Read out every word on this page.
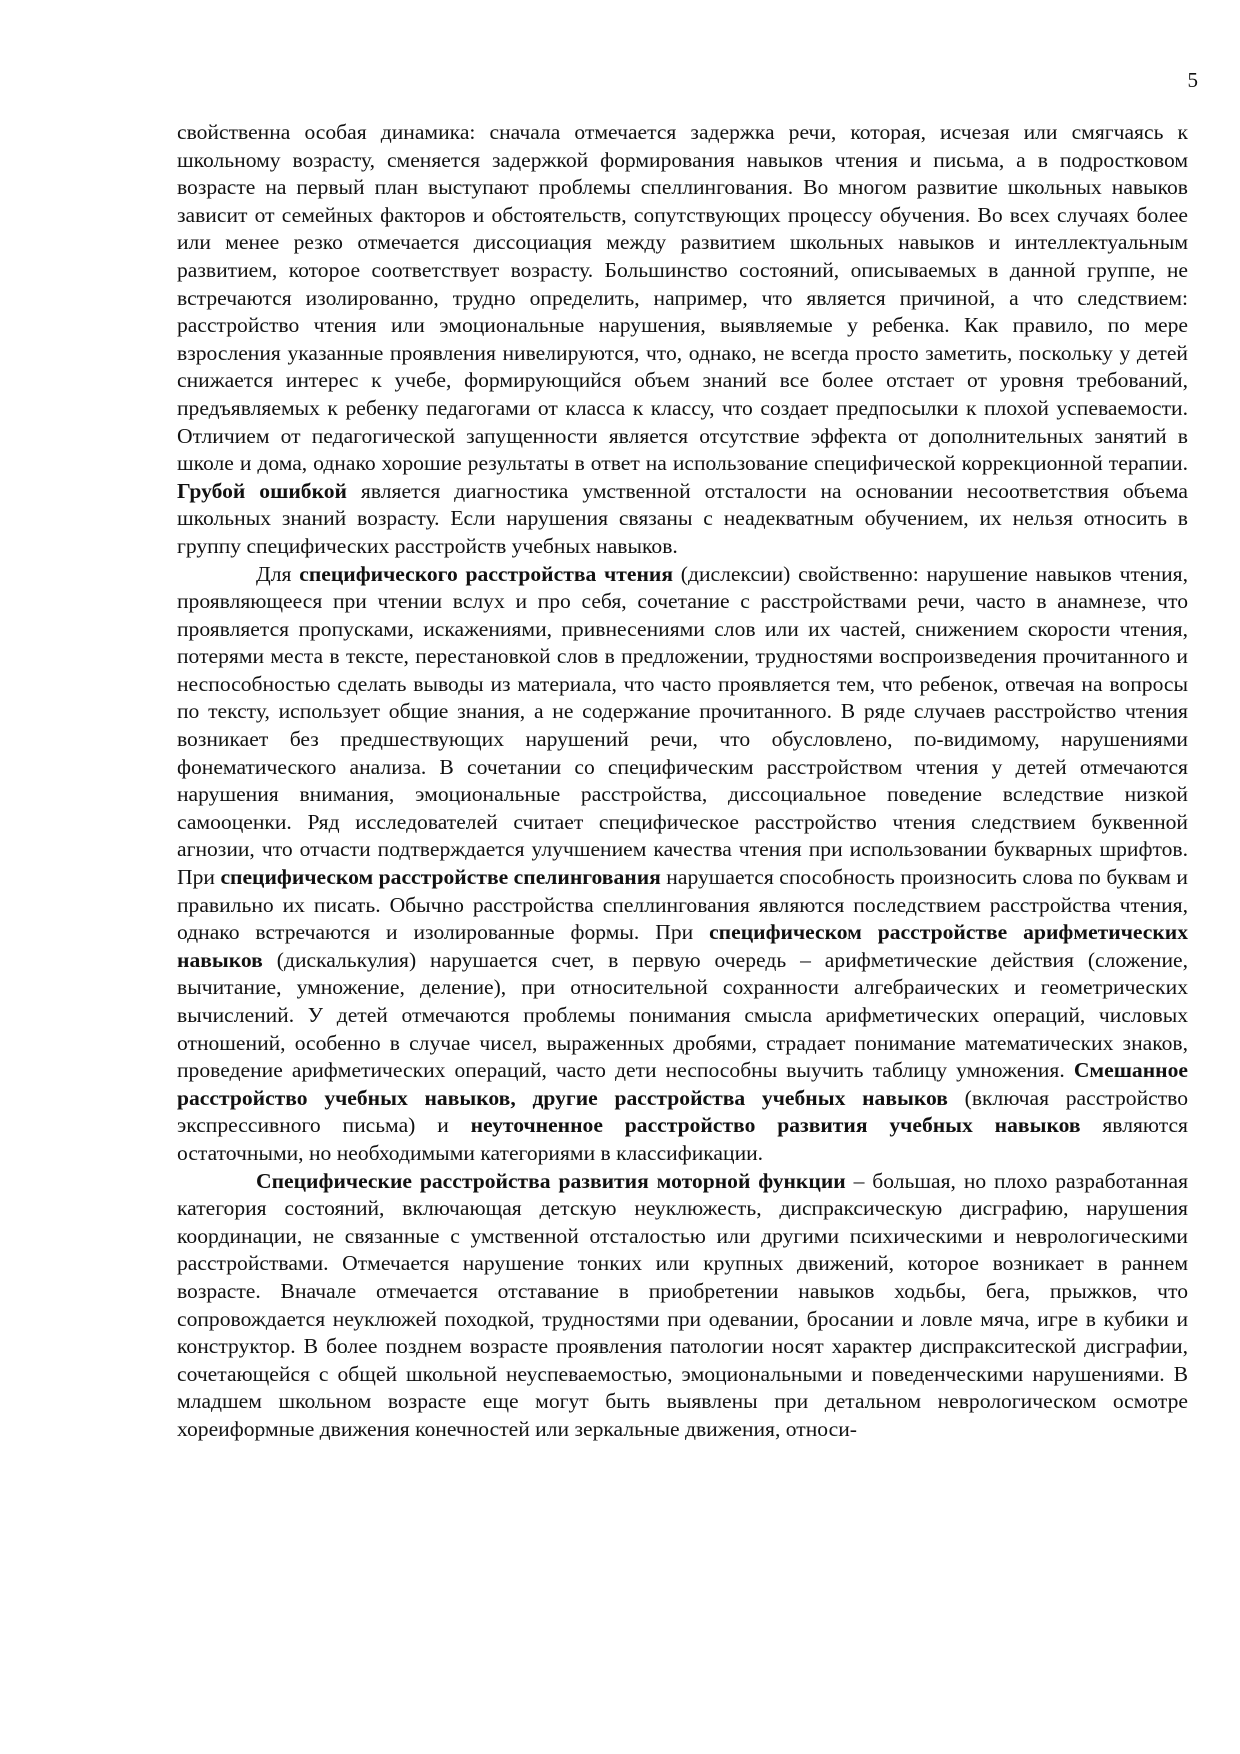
5

свойственна особая динамика: сначала отмечается задержка речи, которая, исчезая или смягчаясь к школьному возрасту, сменяется задержкой формирования навыков чтения и письма, а в подростковом возрасте на первый план выступают проблемы спеллингования. Во многом развитие школьных навыков зависит от семейных факторов и обстоятельств, сопутствующих процессу обучения. Во всех случаях более или менее резко отмечается диссоциация между развитием школьных навыков и интеллектуальным развитием, которое соответствует возрасту. Большинство состояний, описываемых в данной группе, не встречаются изолированно, трудно определить, например, что является причиной, а что следствием: расстройство чтения или эмоциональные нарушения, выявляемые у ребенка. Как правило, по мере взросления указанные проявления нивелируются, что, однако, не всегда просто заметить, поскольку у детей снижается интерес к учебе, формирующийся объем знаний все более отстает от уровня требований, предъявляемых к ребенку педагогами от класса к классу, что создает предпосылки к плохой успеваемости. Отличием от педагогической запущенности является отсутствие эффекта от дополнительных занятий в школе и дома, однако хорошие результаты в ответ на использование специфической коррекционной терапии. Грубой ошибкой является диагностика умственной отсталости на основании несоответствия объема школьных знаний возрасту. Если нарушения связаны с неадекватным обучением, их нельзя относить в группу специфических расстройств учебных навыков.

Для специфического расстройства чтения (дислексии) свойственно: нарушение навыков чтения, проявляющееся при чтении вслух и про себя, сочетание с расстройствами речи, часто в анамнезе, что проявляется пропусками, искажениями, привнесениями слов или их частей, снижением скорости чтения, потерями места в тексте, перестановкой слов в предложении, трудностями воспроизведения прочитанного и неспособностью сделать выводы из материала, что часто проявляется тем, что ребенок, отвечая на вопросы по тексту, использует общие знания, а не содержание прочитанного. В ряде случаев расстройство чтения возникает без предшествующих нарушений речи, что обусловлено, по-видимому, нарушениями фонематического анализа. В сочетании со специфическим расстройством чтения у детей отмечаются нарушения внимания, эмоциональные расстройства, диссоциальное поведение вследствие низкой самооценки. Ряд исследователей считает специфическое расстройство чтения следствием буквенной агнозии, что отчасти подтверждается улучшением качества чтения при использовании букварных шрифтов. При специфическом расстройстве спелингования нарушается способность произносить слова по буквам и правильно их писать. Обычно расстройства спеллингования являются последствием расстройства чтения, однако встречаются и изолированные формы. При специфическом расстройстве арифметических навыков (дискалькулия) нарушается счет, в первую очередь – арифметические действия (сложение, вычитание, умножение, деление), при относительной сохранности алгебраических и геометрических вычислений. У детей отмечаются проблемы понимания смысла арифметических операций, числовых отношений, особенно в случае чисел, выраженных дробями, страдает понимание математических знаков, проведение арифметических операций, часто дети неспособны выучить таблицу умножения. Смешанное расстройство учебных навыков, другие расстройства учебных навыков (включая расстройство экспрессивного письма) и неуточненное расстройство развития учебных навыков являются остаточными, но необходимыми категориями в классификации.

Специфические расстройства развития моторной функции – большая, но плохо разработанная категория состояний, включающая детскую неуклюжесть, диспраксическую дисграфию, нарушения координации, не связанные с умственной отсталостью или другими психическими и неврологическими расстройствами. Отмечается нарушение тонких или крупных движений, которое возникает в раннем возрасте. Вначале отмечается отставание в приобретении навыков ходьбы, бега, прыжков, что сопровождается неуклюжей походкой, трудностями при одевании, бросании и ловле мяча, игре в кубики и конструктор. В более позднем возрасте проявления патологии носят характер диспракситеской дисграфии, сочетающейся с общей школьной неуспеваемостью, эмоциональными и поведенческими нарушениями. В младшем школьном возрасте еще могут быть выявлены при детальном неврологическом осмотре хореиформные движения конечностей или зеркальные движения, относи-
